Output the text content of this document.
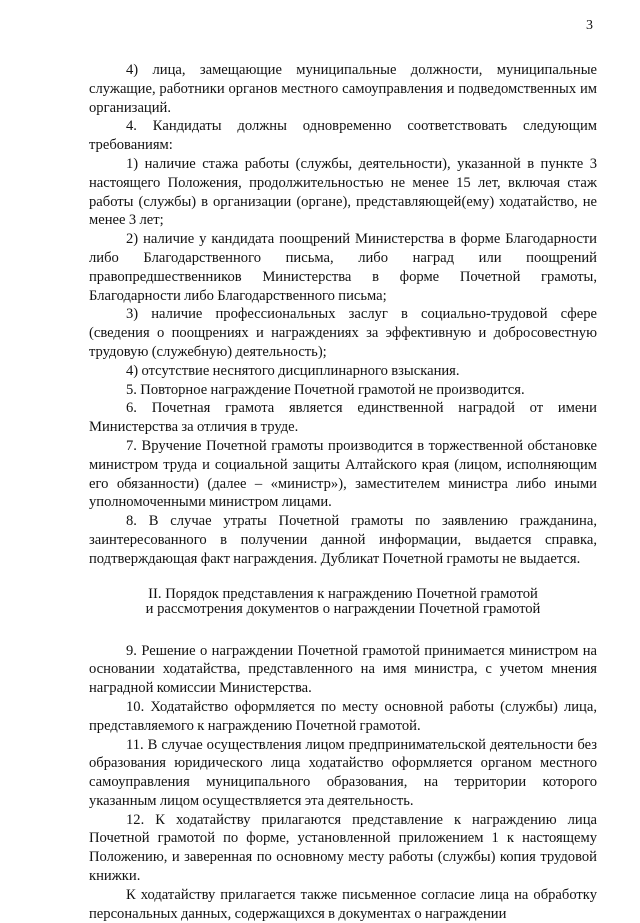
3

4) лица, замещающие муниципальные должности, муниципальные служащие, работники органов местного самоуправления и подведомственных им организаций.

4. Кандидаты должны одновременно соответствовать следующим требованиям:

1) наличие стажа работы (службы, деятельности), указанной в пункте 3 настоящего Положения, продолжительностью не менее 15 лет, включая стаж работы (службы) в организации (органе), представляющей(ему) ходатайство, не менее 3 лет;

2) наличие у кандидата поощрений Министерства в форме Благодарности либо Благодарственного письма, либо наград или поощрений правопредшественников Министерства в форме Почетной грамоты, Благодарности либо Благодарственного письма;

3) наличие профессиональных заслуг в социально-трудовой сфере (сведения о поощрениях и награждениях за эффективную и добросовестную трудовую (служебную) деятельность);

4) отсутствие неснятого дисциплинарного взыскания.

5. Повторное награждение Почетной грамотой не производится.

6. Почетная грамота является единственной наградой от имени Министерства за отличия в труде.

7. Вручение Почетной грамоты производится в торжественной обстановке министром труда и социальной защиты Алтайского края (лицом, исполняющим его обязанности) (далее – «министр»), заместителем министра либо иными уполномоченными министром лицами.

8. В случае утраты Почетной грамоты по заявлению гражданина, заинтересованного в получении данной информации, выдается справка, подтверждающая факт награждения. Дубликат Почетной грамоты не выдается.

II. Порядок представления к награждению Почетной грамотой
и рассмотрения документов о награждении Почетной грамотой

9. Решение о награждении Почетной грамотой принимается министром на основании ходатайства, представленного на имя министра, с учетом мнения наградной комиссии Министерства.

10. Ходатайство оформляется по месту основной работы (службы) лица, представляемого к награждению Почетной грамотой.

11. В случае осуществления лицом предпринимательской деятельности без образования юридического лица ходатайство оформляется органом местного самоуправления муниципального образования, на территории которого указанным лицом осуществляется эта деятельность.

12. К ходатайству прилагаются представление к награждению лица Почетной грамотой по форме, установленной приложением 1 к настоящему Положению, и заверенная по основному месту работы (службы) копия трудовой книжки.

К ходатайству прилагается также письменное согласие лица на обработку персональных данных, содержащихся в документах о награждении
